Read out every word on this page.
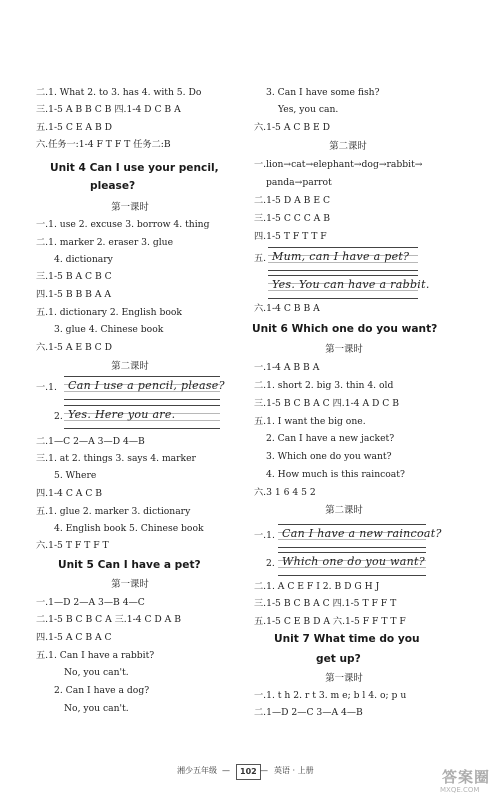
二.1. What 2. to 3. has 4. with 5. Do
三.1-5 A B B C B 四.1-4 D C B A
五.1-5 C E A B D
六.任务一:1-4 F T F T 任务二:B
Unit 4 Can I use your pencil,
please?
第一课时
一.1. use 2. excuse 3. borrow 4. thing
二.1. marker 2. eraser 3. glue
4. dictionary
三.1-5 B A C B C
四.1-5 B B B A A
五.1. dictionary 2. English book
3. glue 4. Chinese book
六.1-5 A E B C D
第二课时
一.1. Can I use a pencil, please?
2. Yes. Here you are.
二.1—C 2—A 3—D 4—B
三.1. at 2. things 3. says 4. marker
5. Where
四.1-4 C A C B
五.1. glue 2. marker 3. dictionary
4. English book 5. Chinese book
六.1-5 T F T F T
Unit 5 Can I have a pet?
第一课时
一.1—D 2—A 3—B 4—C
二.1-5 B C B C A 三.1-4 C D A B
四.1-5 A C B A C
五.1. Can I have a rabbit?
No, you can't.
2. Can I have a dog?
No, you can't.
3. Can I have some fish?
Yes, you can.
六.1-5 A C B E D
第二课时
一.lion→cat→elephant→dog→rabbit→
panda→parrot
二.1-5 D A B E C
三.1-5 C C C A B
四.1-5 T F T T F
五. Mum, can I have a pet?
Yes. You can have a rabbit.
六.1-4 C B B A
Unit 6 Which one do you want?
第一课时
一.1-4 A B B A
二.1. short 2. big 3. thin 4. old
三.1-5 B C B A C 四.1-4 A D C B
五.1. I want the big one.
2. Can I have a new jacket?
3. Which one do you want?
4. How much is this raincoat?
六.3 1 6 4 5 2
第二课时
一.1. Can I have a new raincoat?
2. Which one do you want?
二.1. A C E F I 2. B D G H J
三.1-5 B C B A C 四.1-5 T F F T
五.1-5 C E B D A 六.1-5 F F T T F
Unit 7 What time do you
get up?
第一课时
一.1. t h 2. r t 3. m e; b l 4. o; p u
二.1—D 2—C 3—A 4—B
湘少五年级 —	102 — 英语 · 上册	答案圈
MXQE.COM
